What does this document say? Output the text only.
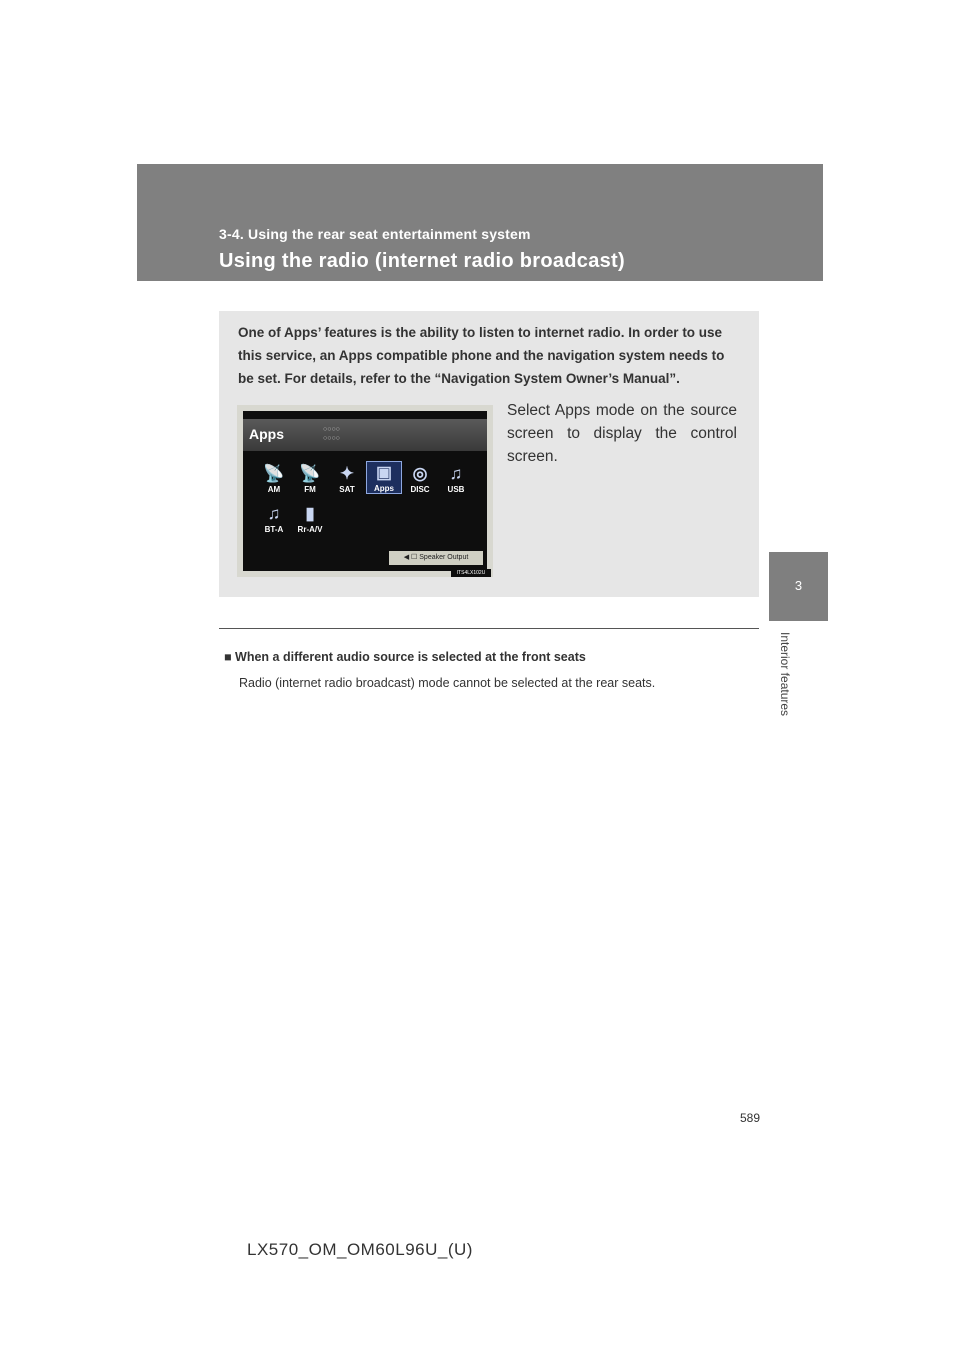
3-4. Using the rear seat entertainment system
Using the radio (internet radio broadcast)
3
Interior features

One of Apps’ features is the ability to listen to internet radio. In order to use this service, an Apps compatible phone and the navigation system needs to be set. For details, refer to the “Navigation System Owner’s Manual”.

Apps	○○○○
○○○○
📡
AM
📡
FM
✦
SAT
▣
Apps
◎
DISC
♫
USB
♫
BT-A
▮
Rr-A/V
◀ ☐ Speaker Output
ITS4LX102U

Select Apps mode on the source screen to display the control screen.

■ When a different audio source is selected at the front seats
Radio (internet radio broadcast) mode cannot be selected at the rear seats.
589
LX570_OM_OM60L96U_(U)
